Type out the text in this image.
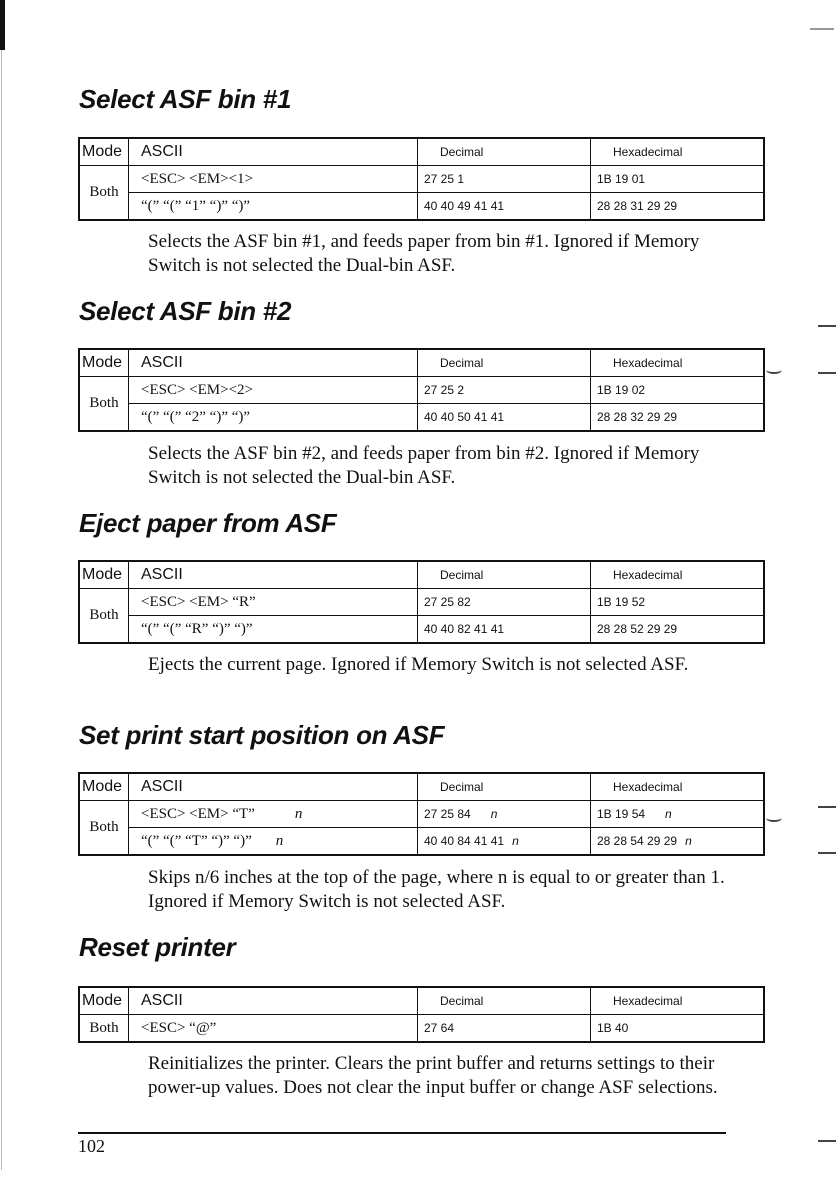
Select ASF bin #1
Mode	ASCII	Decimal	Hexadecimal
Both	<ESC> <EM><1>	27 25 1	1B 19 01
	“(” “(” “1” “)” “)”	40 40 49 41 41	28 28 31 29 29

Selects the ASF bin #1, and feeds paper from bin #1. Ignored if Memory Switch is not selected the Dual-bin ASF.

Select ASF bin #2
Mode	ASCII	Decimal	Hexadecimal
Both	<ESC> <EM><2>	27 25 2	1B 19 02
	“(” “(” “2” “)” “)”	40 40 50 41 41	28 28 32 29 29

Selects the ASF bin #2, and feeds paper from bin #2. Ignored if Memory Switch is not selected the Dual-bin ASF.

Eject paper from ASF
Mode	ASCII	Decimal	Hexadecimal
Both	<ESC> <EM> “R”	27 25 82	1B 19 52
	“(” “(” “R” “)” “)”	40 40 82 41 41	28 28 52 29 29

Ejects the current page. Ignored if Memory Switch is not selected ASF.

Set print start position on ASF
Mode	ASCII	Decimal	Hexadecimal
Both	<ESC> <EM> “T” n	27 25 84 n	1B 19 54 n
	“(” “(” “T” “)” “)” n	40 40 84 41 41 n	28 28 54 29 29 n

Skips n/6 inches at the top of the page, where n is equal to or greater than 1. Ignored if Memory Switch is not selected ASF.

Reset printer
Mode	ASCII	Decimal	Hexadecimal
Both	<ESC> “@”	27 64	1B 40

Reinitializes the printer. Clears the print buffer and returns settings to their power-up values. Does not clear the input buffer or change ASF selections.

102
